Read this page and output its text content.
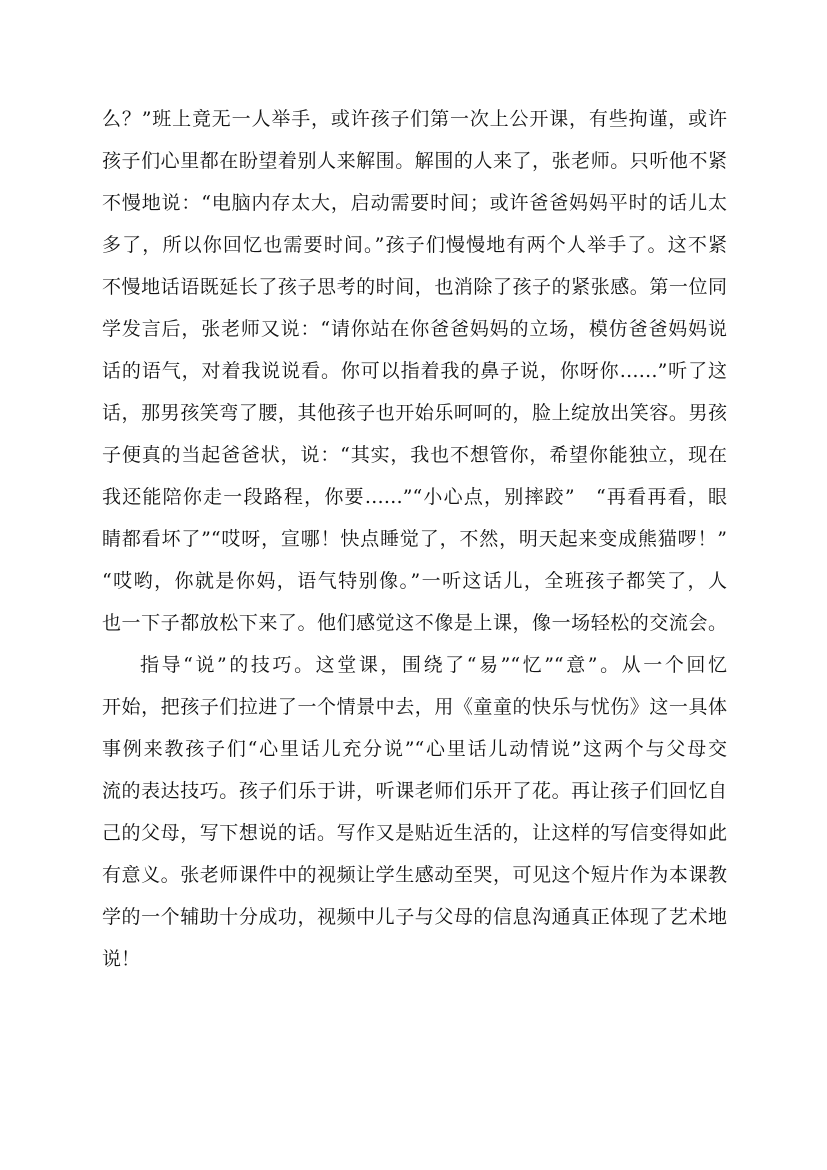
么？”班上竟无一人举手，或许孩子们第一次上公开课，有些拘谨，或许
孩子们心里都在盼望着别人来解围。解围的人来了，张老师。只听他不紧
不慢地说：“电脑内存太大，启动需要时间；或许爸爸妈妈平时的话儿太
多了，所以你回忆也需要时间。”孩子们慢慢地有两个人举手了。这不紧
不慢地话语既延长了孩子思考的时间，也消除了孩子的紧张感。第一位同
学发言后，张老师又说：“请你站在你爸爸妈妈的立场，模仿爸爸妈妈说
话的语气，对着我说说看。你可以指着我的鼻子说，你呀你……”听了这
话，那男孩笑弯了腰，其他孩子也开始乐呵呵的，脸上绽放出笑容。男孩
子便真的当起爸爸状，说：“其实，我也不想管你，希望你能独立，现在
我还能陪你走一段路程，你要……”“小心点，别摔跤”　“再看再看，眼
睛都看坏了”“哎呀，宣哪！快点睡觉了，不然，明天起来变成熊猫啰！”
“哎哟，你就是你妈，语气特别像。”一听这话儿，全班孩子都笑了，人
也一下子都放松下来了。他们感觉这不像是上课，像一场轻松的交流会。
指导“说”的技巧。这堂课，围绕了“易”“忆”“意”。从一个回忆
开始，把孩子们拉进了一个情景中去，用《童童的快乐与忧伤》这一具体
事例来教孩子们“心里话儿充分说”“心里话儿动情说”这两个与父母交
流的表达技巧。孩子们乐于讲，听课老师们乐开了花。再让孩子们回忆自
己的父母，写下想说的话。写作又是贴近生活的，让这样的写信变得如此
有意义。张老师课件中的视频让学生感动至哭，可见这个短片作为本课教
学的一个辅助十分成功，视频中儿子与父母的信息沟通真正体现了艺术地
说！
